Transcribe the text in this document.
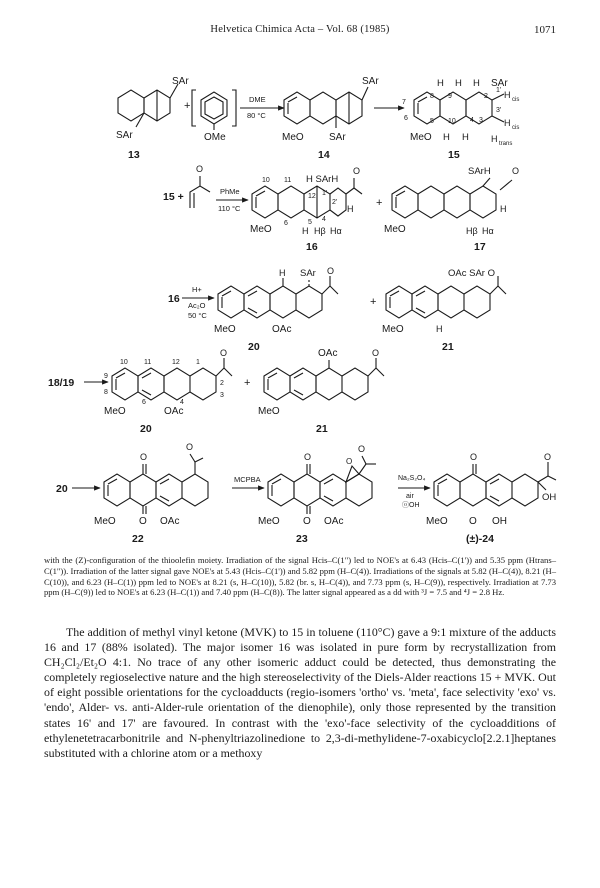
Helvetica Chimica Acta – Vol. 68 (1985)	1071
SAr
SAr
13
+
OMe
DME
80 °C
SAr
MeO	SAr
14
H H H SAr
H cis
H cis
H trans
7
6
8 9
5 10 4 3
2
1'
3'
MeO H H
15
15 +
O
PhMe
110 °C
10 11
12 1'
2'
6	5 4
H SArH
O
H
MeO	H Hβ Hα
16
+
SArH O
H
MeO	Hβ Hα
17
16
H+
Ac₂O
50 °C
H SAr O
MeO	OAc
20
+
OAc SAr O
MeO	H
21
18/19
O
9
8
10 11	12 1
2
3
4
6
MeO	OAc
20
+
OAc	O
MeO
21
20
O
O
MeO O OAc
22
MCPBA
O	O
O
MeO O OAc
23
Na₂S₂O₄
air
ⓞOH
O	O
OH
MeO O OH
(±)-24
with the (Z)-configuration of the thioolefin moiety. Irradiation of the signal Hcis–C(1") led to NOE's at 6.43 (Hcis–C(1')) and 5.35 ppm (Htrans–C(1")). Irradiation of the latter signal gave NOE's at 5.43 (Hcis–C(1')) and 5.82 ppm (H–C(4)). Irradiations of the signals at 5.82 (H–C(4)), 8.21 (H–C(10)), and 6.23 (H–C(1)) ppm led to NOE's at 8.21 (s, H–C(10)), 5.82 (br. s, H–C(4)), and 7.73 ppm (s, H–C(9)), respectively. Irradiation at 7.73 ppm (H–C(9)) led to NOE's at 6.23 (H–C(1)) and 7.40 ppm (H–C(8)). The latter signal appeared as a dd with ³J = 7.5 and ⁴J = 2.8 Hz.

The addition of methyl vinyl ketone (MVK) to 15 in toluene (110°C) gave a 9:1 mixture of the adducts 16 and 17 (88% isolated). The major isomer 16 was isolated in pure form by recrystallization from CH₂Cl₂/Et₂O 4:1. No trace of any other isomeric adduct could be detected, thus demonstrating the completely regioselective nature and the high stereoselectivity of the Diels-Alder reactions 15 + MVK. Out of eight possible orientations for the cycloadducts (regio-isomers 'ortho' vs. 'meta', face selectivity 'exo' vs. 'endo', Alder- vs. anti-Alder-rule orientation of the dienophile), only those represented by the transition states 16' and 17' are favoured. In contrast with the 'exo'-face selectivity of the cycloadditions of ethylenetetracarbonitrile and N-phenyltriazolinedione to 2,3-di-methylidene-7-oxabicyclo[2.2.1]heptanes substituted with a chlorine atom or a methoxy
